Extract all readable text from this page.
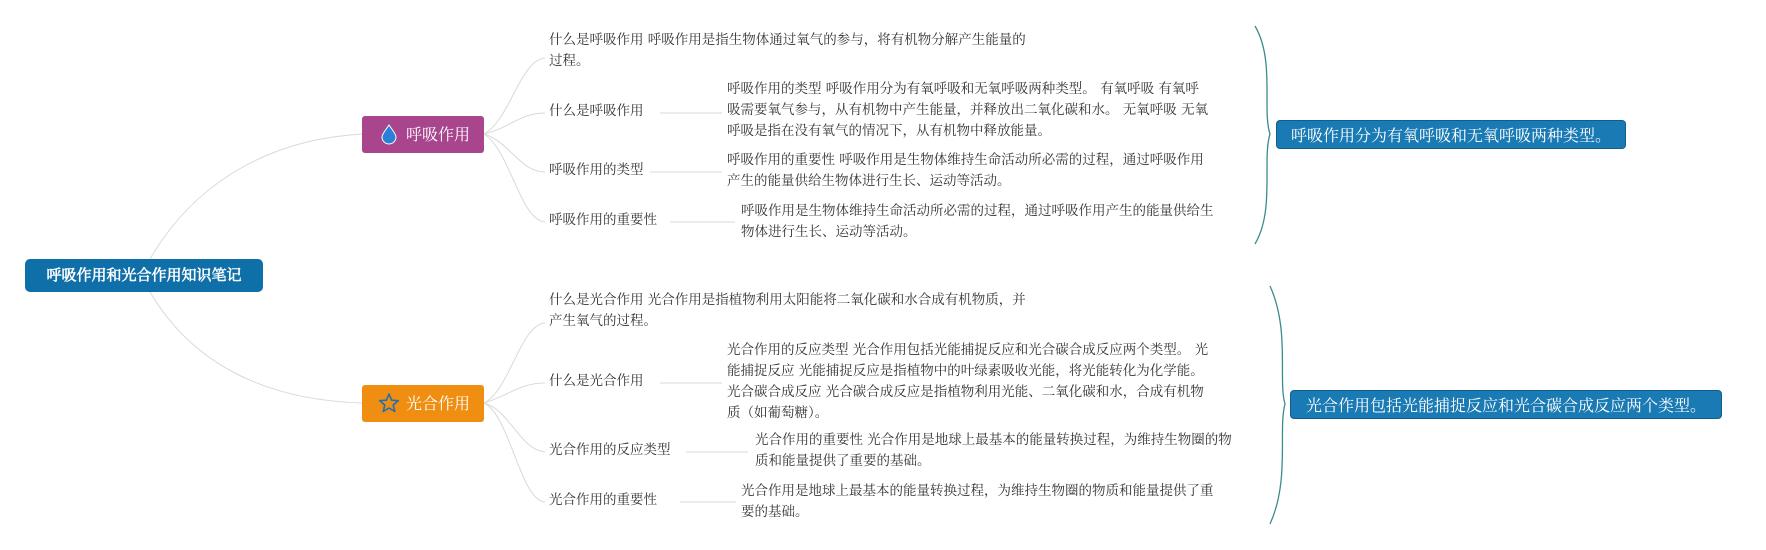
呼吸作用和光合作用知识笔记
呼吸作用
光合作用
什么是呼吸作用 呼吸作用是指生物体通过氧气的参与，将有机物分解产生能量的
过程。
什么是呼吸作用
呼吸作用的类型
呼吸作用的重要性
呼吸作用的类型 呼吸作用分为有氧呼吸和无氧呼吸两种类型。 有氧呼吸 有氧呼
吸需要氧气参与，从有机物中产生能量，并释放出二氧化碳和水。 无氧呼吸 无氧
呼吸是指在没有氧气的情况下，从有机物中释放能量。
呼吸作用的重要性 呼吸作用是生物体维持生命活动所必需的过程，通过呼吸作用
产生的能量供给生物体进行生长、运动等活动。
呼吸作用是生物体维持生命活动所必需的过程，通过呼吸作用产生的能量供给生
物体进行生长、运动等活动。
什么是光合作用 光合作用是指植物利用太阳能将二氧化碳和水合成有机物质，并
产生氧气的过程。
什么是光合作用
光合作用的反应类型
光合作用的重要性
光合作用的反应类型 光合作用包括光能捕捉反应和光合碳合成反应两个类型。 光
能捕捉反应 光能捕捉反应是指植物中的叶绿素吸收光能，将光能转化为化学能。
光合碳合成反应 光合碳合成反应是指植物利用光能、二氧化碳和水，合成有机物
质（如葡萄糖）。
光合作用的重要性 光合作用是地球上最基本的能量转换过程，为维持生物圈的物
质和能量提供了重要的基础。
光合作用是地球上最基本的能量转换过程，为维持生物圈的物质和能量提供了重
要的基础。
呼吸作用分为有氧呼吸和无氧呼吸两种类型。
光合作用包括光能捕捉反应和光合碳合成反应两个类型。
